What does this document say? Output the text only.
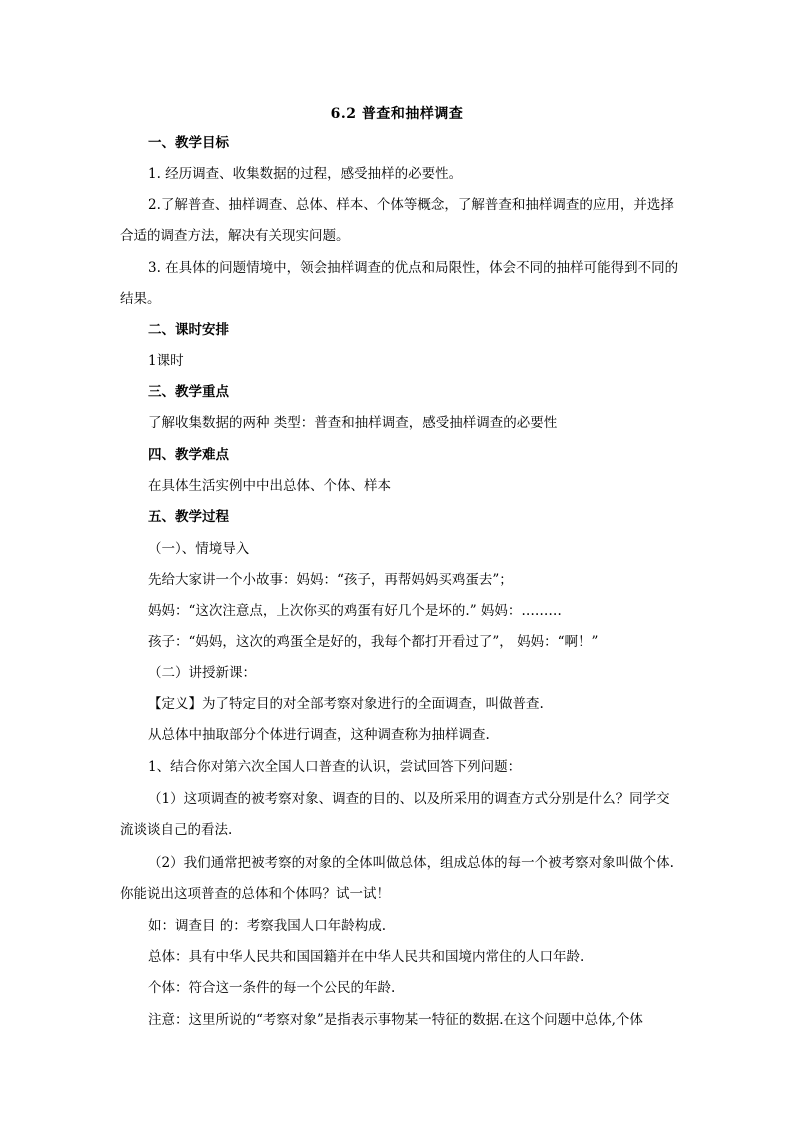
6.2 普查和抽样调查
一、教学目标
1. 经历调查、收集数据的过程，感受抽样的必要性。
2.了解普查、抽样调查、总体、样本、个体等概念，了解普查和抽样调查的应用，并选择合适的调查方法，解决有关现实问题。
3. 在具体的问题情境中，领会抽样调查的优点和局限性，体会不同的抽样可能得到不同的结果。
二、课时安排
1课时
三、教学重点
了解收集数据的两种 类型：普查和抽样调查，感受抽样调查的必要性
四、教学难点
在具体生活实例中中出总体、个体、样本
五、教学过程
（一）、情境导入
先给大家讲一个小故事：妈妈：“孩子，再帮妈妈买鸡蛋去”；
妈妈：“这次注意点，上次你买的鸡蛋有好几个是坏的.” 妈妈：………
孩子：“妈妈，这次的鸡蛋全是好的，我每个都打开看过了”， 妈妈：“啊！”
（二）讲授新课：
【定义】为了特定目的对全部考察对象进行的全面调查，叫做普查.
从总体中抽取部分个体进行调查，这种调查称为抽样调查.
1、结合你对第六次全国人口普查的认识，尝试回答下列问题：
（1）这项调查的被考察对象、调查的目的、以及所采用的调查方式分别是什么？同学交流谈谈自己的看法.
（2）我们通常把被考察的对象的全体叫做总体，组成总体的每一个被考察对象叫做个体.你能说出这项普查的总体和个体吗？试一试！
如：调查目 的：考察我国人口年龄构成.
总体：具有中华人民共和国国籍并在中华人民共和国境内常住的人口年龄.
个体：符合这一条件的每一个公民的年龄.
注意：这里所说的“考察对象”是指表示事物某一特征的数据.在这个问题中总体,个体
